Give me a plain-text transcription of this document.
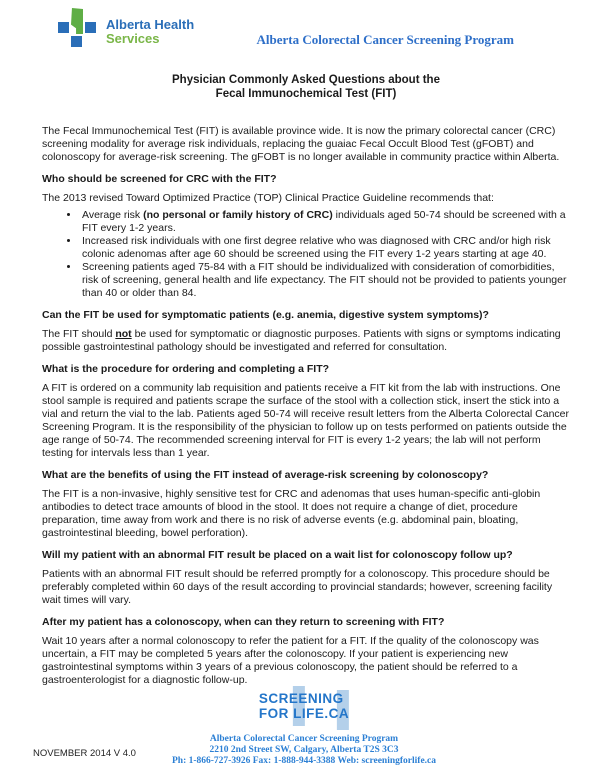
Alberta Health
Services	Alberta Colorectal Cancer Screening Program
Physician Commonly Asked Questions about the
Fecal Immunochemical Test (FIT)

The Fecal Immunochemical Test (FIT) is available province wide. It is now the primary colorectal cancer (CRC) screening modality for average risk individuals, replacing the guaiac Fecal Occult Blood Test (gFOBT) and colonoscopy for average-risk screening. The gFOBT is no longer available in community practice within Alberta.

Who should be screened for CRC with the FIT?

The 2013 revised Toward Optimized Practice (TOP) Clinical Practice Guideline recommends that:

• Average risk (no personal or family history of CRC) individuals aged 50-74 should be screened with a FIT every 1-2 years.
• Increased risk individuals with one first degree relative who was diagnosed with CRC and/or high risk colonic adenomas after age 60 should be screened using the FIT every 1-2 years starting at age 40.
• Screening patients aged 75-84 with a FIT should be individualized with consideration of comorbidities, risk of screening, general health and life expectancy. The FIT should not be provided to patients younger than 40 or older than 84.
Can the FIT be used for symptomatic patients (e.g. anemia, digestive system symptoms)?

The FIT should not be used for symptomatic or diagnostic purposes. Patients with signs or symptoms indicating possible gastrointestinal pathology should be investigated and referred for consultation.

What is the procedure for ordering and completing a FIT?

A FIT is ordered on a community lab requisition and patients receive a FIT kit from the lab with instructions. One stool sample is required and patients scrape the surface of the stool with a collection stick, insert the stick into a vial and return the vial to the lab. Patients aged 50-74 will receive result letters from the Alberta Colorectal Cancer Screening Program. It is the responsibility of the physician to follow up on tests performed on patients outside the age range of 50-74. The recommended screening interval for FIT is every 1-2 years; the lab will not perform testing for intervals less than 1 year.

What are the benefits of using the FIT instead of average-risk screening by colonoscopy?

The FIT is a non-invasive, highly sensitive test for CRC and adenomas that uses human-specific anti-globin antibodies to detect trace amounts of blood in the stool. It does not require a change of diet, procedure preparation, time away from work and there is no risk of adverse events (e.g. abdominal pain, bloating, gastrointestinal bleeding, bowel perforation).

Will my patient with an abnormal FIT result be placed on a wait list for colonoscopy follow up?

Patients with an abnormal FIT result should be referred promptly for a colonoscopy. This procedure should be preferably completed within 60 days of the result according to provincial standards; however, screening facility wait times will vary.

After my patient has a colonoscopy, when can they return to screening with FIT?

Wait 10 years after a normal colonoscopy to refer the patient for a FIT. If the quality of the colonoscopy was uncertain, a FIT may be completed 5 years after the colonoscopy. If your patient is experiencing new gastrointestinal symptoms within 3 years of a previous colonoscopy, the patient should be referred to a gastroenterologist for a diagnostic follow-up.

SCREENING
FOR LIFE.CA
Alberta Colorectal Cancer Screening Program
2210 2nd Street SW, Calgary, Alberta T2S 3C3
Ph: 1-866-727-3926 Fax: 1-888-944-3388 Web: screeningforlife.ca
NOVEMBER 2014 V 4.0
